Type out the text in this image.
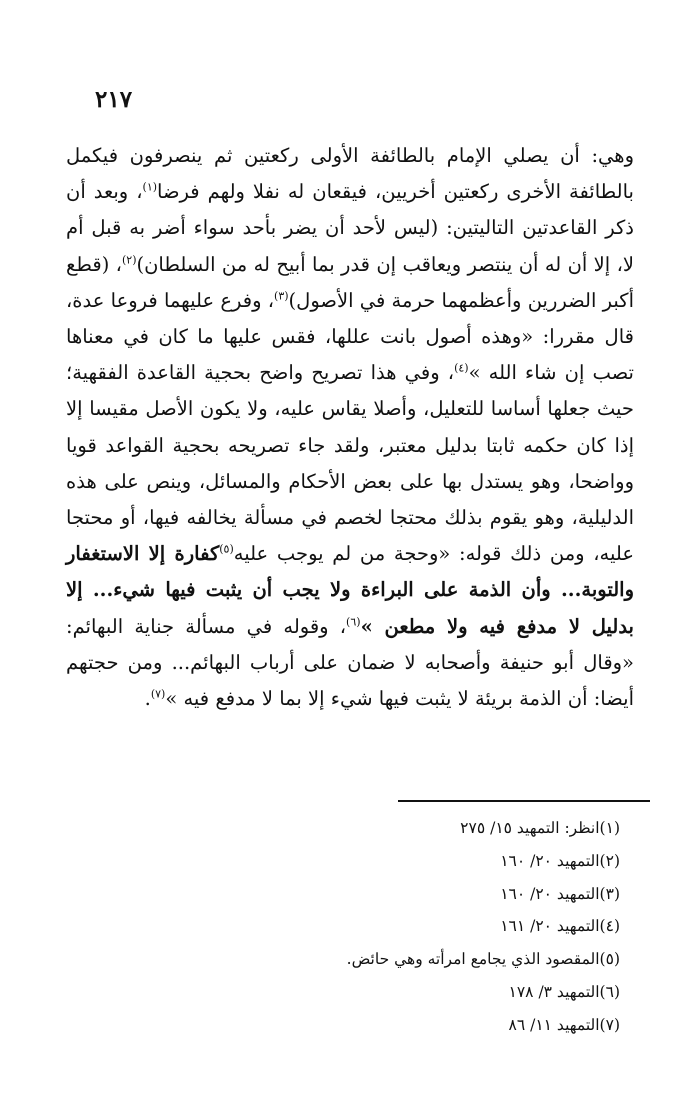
٢١٧

وهي: أن يصلي الإمام بالطائفة الأولى ركعتين ثم ينصرفون فيكمل بالطائفة الأخرى ركعتين أخريين، فيقعان له نفلا ولهم فرضا$^{(١)}$، وبعد أن ذكر القاعدتين التاليتين: (ليس لأحد أن يضر بأحد سواء أضر به قبل أم لا، إلا أن له أن ينتصر ويعاقب إن قدر بما أبيح له من السلطان)$^{(٢)}$، (قطع أكبر الضررين وأعظمهما حرمة في الأصول)$^{(٣)}$، وفرع عليهما فروعا عدة، قال مقررا: «وهذه أصول بانت عللها، فقس عليها ما كان في معناها تصب إن شاء الله »$^{(٤)}$، وفي هذا تصريح واضح بحجية القاعدة الفقهية؛ حيث جعلها أساسا للتعليل، وأصلا يقاس عليه، ولا يكون الأصل مقيسا إلا إذا كان حكمه ثابتا بدليل معتبر، ولقد جاء تصريحه بحجية القواعد قويا وواضحا، وهو يستدل بها على بعض الأحكام والمسائل، وينص على هذه الدليلية، وهو يقوم بذلك محتجا لخصم في مسألة يخالفه فيها، أو محتجا عليه، ومن ذلك قوله: «وحجة من لم يوجب عليه$^{(٥)}$كفارة إلا الاستغفار والتوبة... وأن الذمة على البراءة ولا يجب أن يثبت فيها شيء... إلا بدليل لا مدفع فيه ولا مطعن »$^{(٦)}$، وقوله في مسألة جناية البهائم: «وقال أبو حنيفة وأصحابه لا ضمان على أرباب البهائم... ومن حجتهم أيضا: أن الذمة بريئة لا يثبت فيها شيء إلا بما لا مدفع فيه »$^{(٧)}$.

(١)انظر: التمهيد ١٥/ ٢٧٥
(٢)التمهيد ٢٠/ ١٦٠
(٣)التمهيد ٢٠/ ١٦٠
(٤)التمهيد ٢٠/ ١٦١
(٥)المقصود الذي يجامع امرأته وهي حائض.
(٦)التمهيد ٣/ ١٧٨
(٧)التمهيد ١١/ ٨٦
